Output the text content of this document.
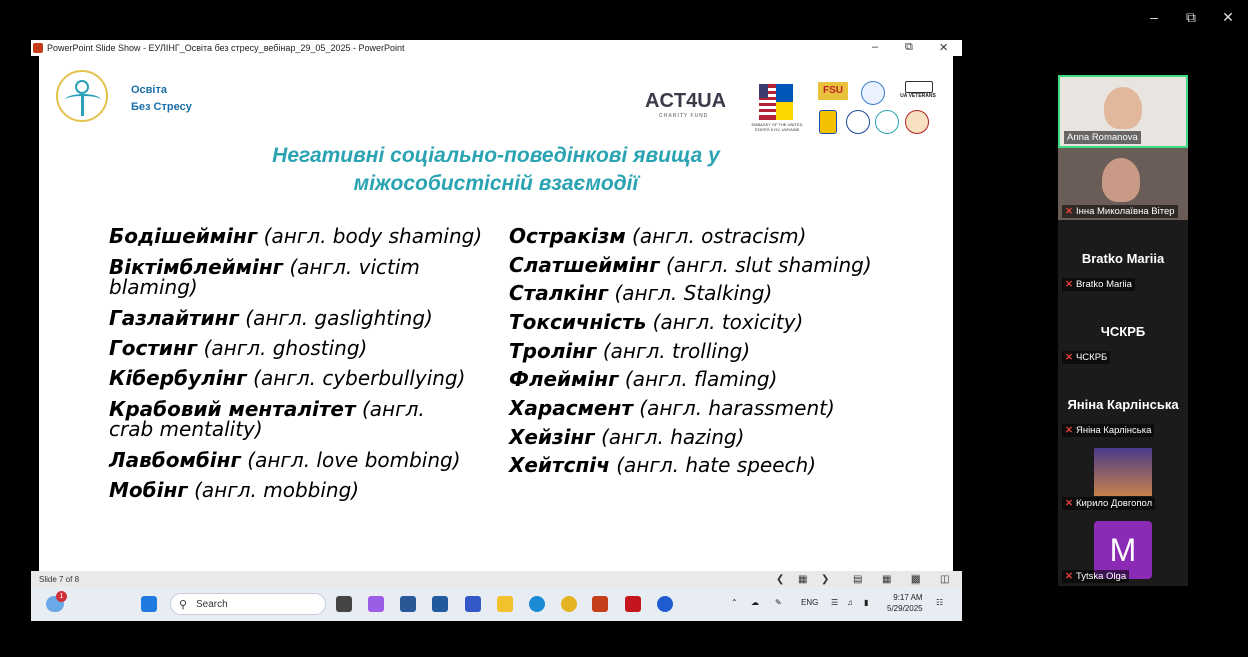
–	⧉ ✕
PowerPoint Slide Show - ЕУЛІНГ_Освіта без стресу_вебінар_29_05_2025 - PowerPoint	– ⧉ ✕
Освіта
Без Стресу	ACT4UA
CHARITY FUND
EMBASSY OF THE UNITED STATES KYIV, UKRAINE
FSU	UA VETERANS
Негативні соціально-поведінкові явища у
міжособистісній взаємодії
Бодішеймінг (англ. body shaming)
Віктімблеймінг (англ. victim
blaming)
Газлайтинг (англ. gaslighting)
Гостинг (англ. ghosting)
Кібербулінг (англ. cyberbullying)
Крабовий менталітет (англ.
crab mentality)
Лавбомбінг (англ. love bombing)
Мобінг (англ. mobbing)
Остракізм (англ. ostracism)
Слатшеймінг (англ. slut shaming)
Сталкінг (англ. Stalking)
Токсичність (англ. toxicity)
Тролінг (англ. trolling)
Флеймінг (англ. flaming)
Харасмент (англ. harassment)
Хейзінг (англ. hazing)
Хейтспіч (англ. hate speech)
Slide 7 of 8	❮ ▦ ❯ ▤ ▦ ▩ ◫
1
⚲ Search	⌃ ☁ ✎ ENG ☰ ♫ ▮
9:17 AM
5/29/2025
☷
Anna Romanova
✕ Інна Миколаївна Вітер
Bratko Mariia
✕ Bratko Mariia
ЧСКРБ
✕ ЧСКРБ
Яніна Карлінська
✕ Яніна Карлінська
✕ Кирило Довгопол
M
✕ Tytska Olga
